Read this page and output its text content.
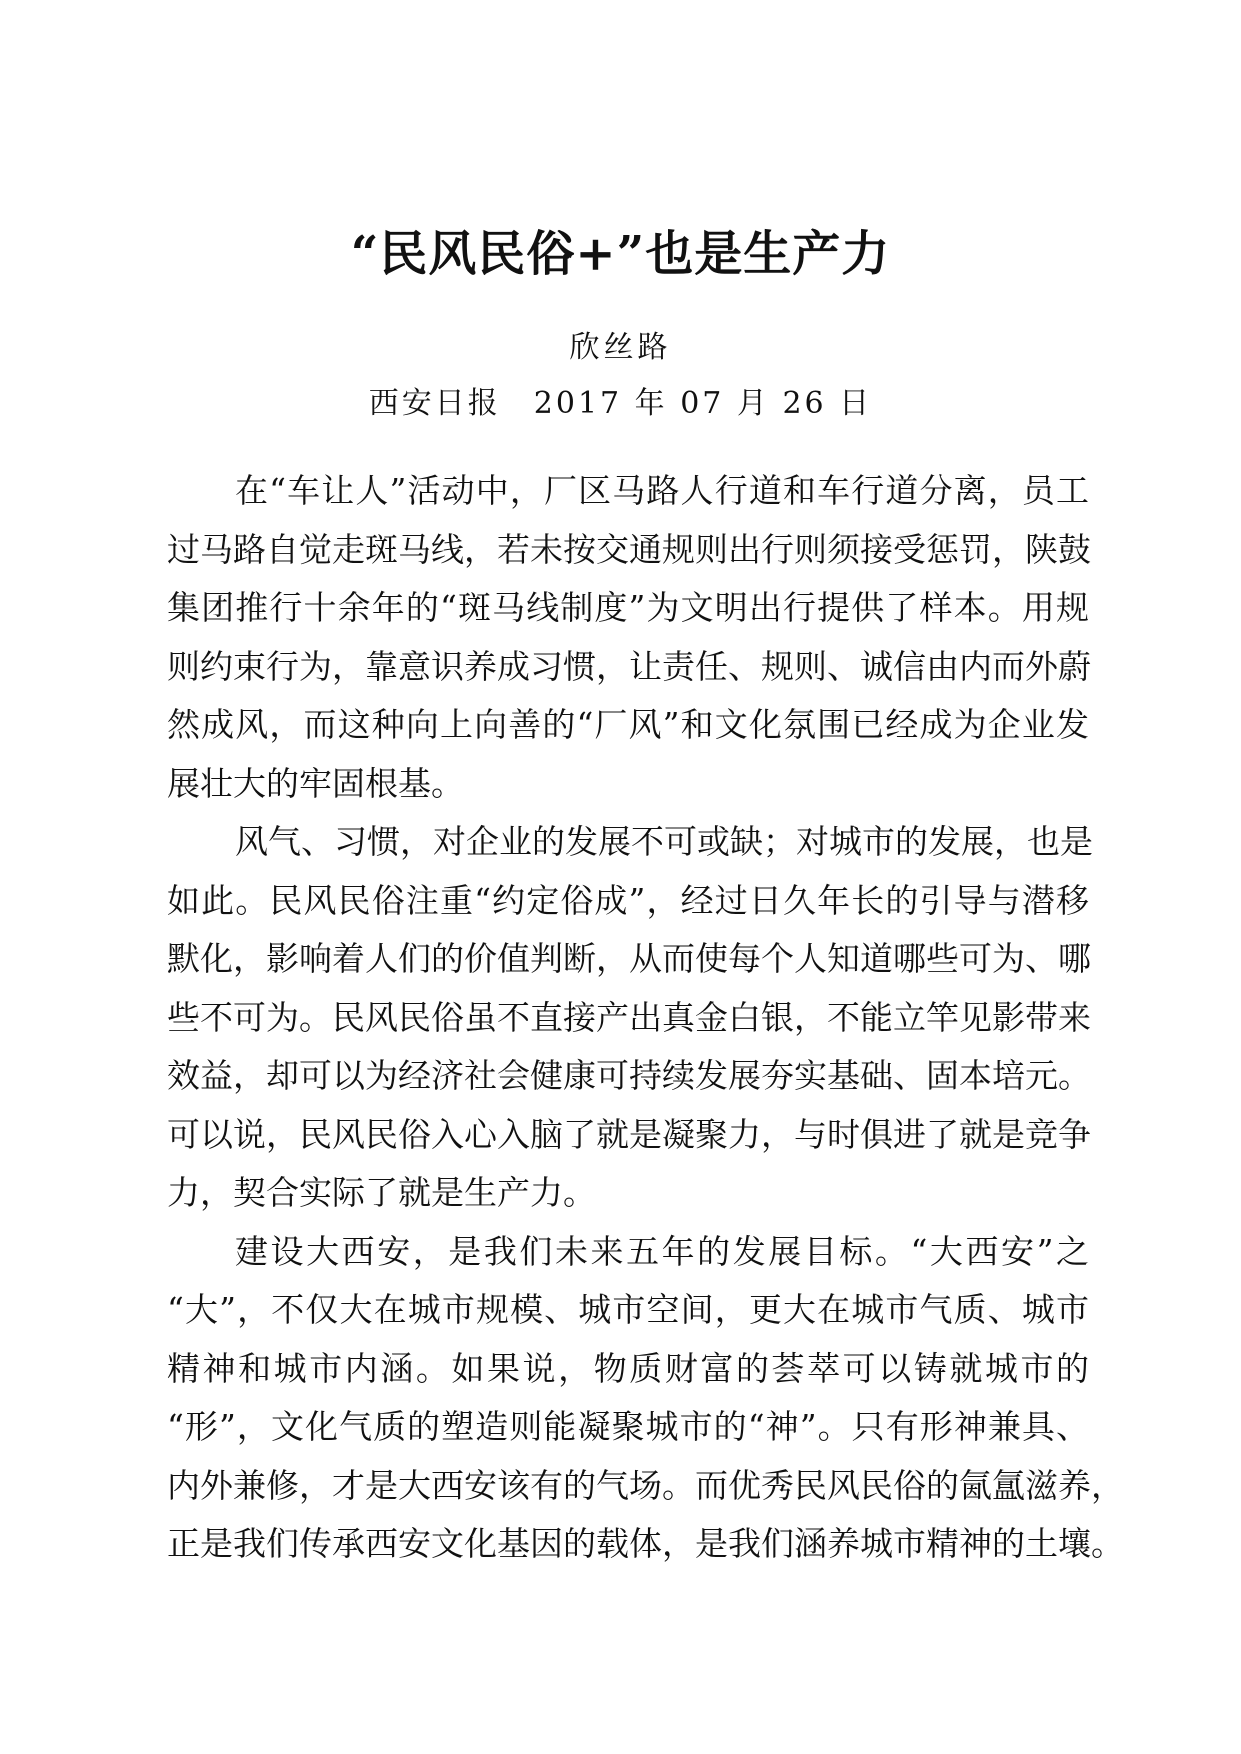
“民风民俗+”也是生产力
欣丝路
西安日报　2017 年 07 月 26 日
在“车让人”活动中，厂区马路人行道和车行道分离，员工
过马路自觉走斑马线，若未按交通规则出行则须接受惩罚，陕鼓
集团推行十余年的“斑马线制度”为文明出行提供了样本。用规
则约束行为，靠意识养成习惯，让责任、规则、诚信由内而外蔚
然成风，而这种向上向善的“厂风”和文化氛围已经成为企业发
展壮大的牢固根基。
风气、习惯，对企业的发展不可或缺；对城市的发展，也是
如此。民风民俗注重“约定俗成”，经过日久年长的引导与潜移
默化，影响着人们的价值判断，从而使每个人知道哪些可为、哪
些不可为。民风民俗虽不直接产出真金白银，不能立竿见影带来
效益，却可以为经济社会健康可持续发展夯实基础、固本培元。
可以说，民风民俗入心入脑了就是凝聚力，与时俱进了就是竞争
力，契合实际了就是生产力。
建设大西安，是我们未来五年的发展目标。“大西安”之
“大”，不仅大在城市规模、城市空间，更大在城市气质、城市
精神和城市内涵。如果说，物质财富的荟萃可以铸就城市的
“形”，文化气质的塑造则能凝聚城市的“神”。只有形神兼具、
内外兼修，才是大西安该有的气场。而优秀民风民俗的氤氲滋养，
正是我们传承西安文化基因的载体，是我们涵养城市精神的土壤。
